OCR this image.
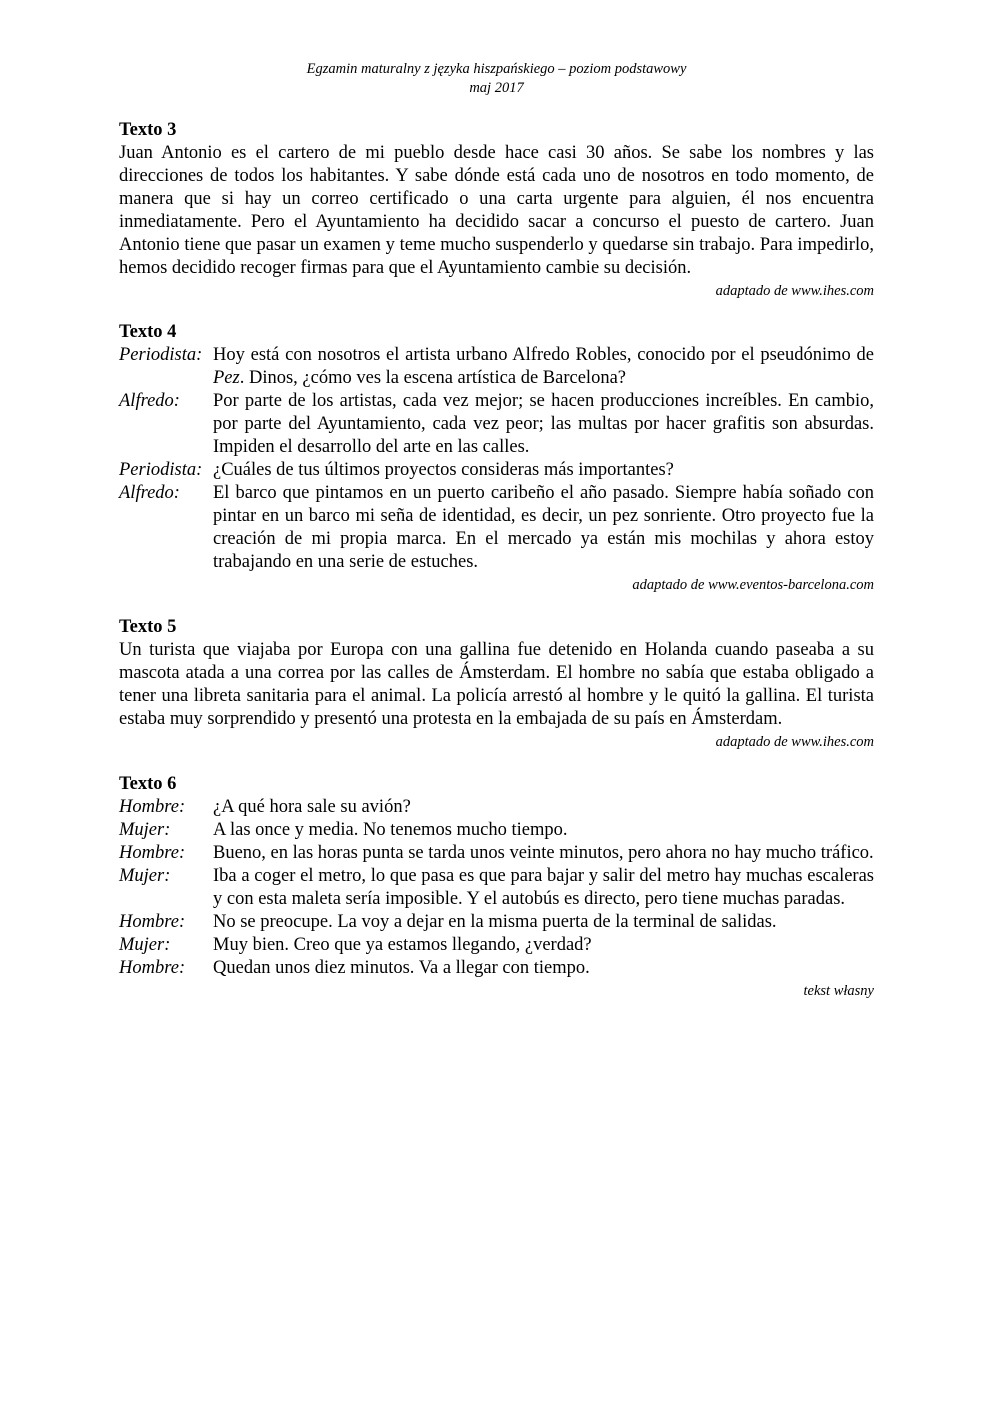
Egzamin maturalny z języka hiszpańskiego – poziom podstawowy
maj 2017
Texto 3
Juan Antonio es el cartero de mi pueblo desde hace casi 30 años. Se sabe los nombres y las direcciones de todos los habitantes. Y sabe dónde está cada uno de nosotros en todo momento, de manera que si hay un correo certificado o una carta urgente para alguien, él nos encuentra inmediatamente. Pero el Ayuntamiento ha decidido sacar a concurso el puesto de cartero. Juan Antonio tiene que pasar un examen y teme mucho suspenderlo y quedarse sin trabajo. Para impedirlo, hemos decidido recoger firmas para que el Ayuntamiento cambie su decisión.
adaptado de www.ihes.com
Texto 4
Periodista: Hoy está con nosotros el artista urbano Alfredo Robles, conocido por el pseudónimo de Pez. Dinos, ¿cómo ves la escena artística de Barcelona?
Alfredo:	Por parte de los artistas, cada vez mejor; se hacen producciones increíbles. En cambio, por parte del Ayuntamiento, cada vez peor; las multas por hacer grafitis son absurdas. Impiden el desarrollo del arte en las calles.
Periodista: ¿Cuáles de tus últimos proyectos consideras más importantes?
Alfredo:	El barco que pintamos en un puerto caribeño el año pasado. Siempre había soñado con pintar en un barco mi seña de identidad, es decir, un pez sonriente. Otro proyecto fue la creación de mi propia marca. En el mercado ya están mis mochilas y ahora estoy trabajando en una serie de estuches.
adaptado de www.eventos-barcelona.com
Texto 5
Un turista que viajaba por Europa con una gallina fue detenido en Holanda cuando paseaba a su mascota atada a una correa por las calles de Ámsterdam. El hombre no sabía que estaba obligado a tener una libreta sanitaria para el animal. La policía arrestó al hombre y le quitó la gallina. El turista estaba muy sorprendido y presentó una protesta en la embajada de su país en Ámsterdam.
adaptado de www.ihes.com
Texto 6
Hombre:	¿A qué hora sale su avión?
Mujer:	A las once y media. No tenemos mucho tiempo.
Hombre:	Bueno, en las horas punta se tarda unos veinte minutos, pero ahora no hay mucho tráfico.
Mujer:	Iba a coger el metro, lo que pasa es que para bajar y salir del metro hay muchas escaleras y con esta maleta sería imposible. Y el autobús es directo, pero tiene muchas paradas.
Hombre:	No se preocupe. La voy a dejar en la misma puerta de la terminal de salidas.
Mujer:	Muy bien. Creo que ya estamos llegando, ¿verdad?
Hombre:	Quedan unos diez minutos. Va a llegar con tiempo.
tekst własny
